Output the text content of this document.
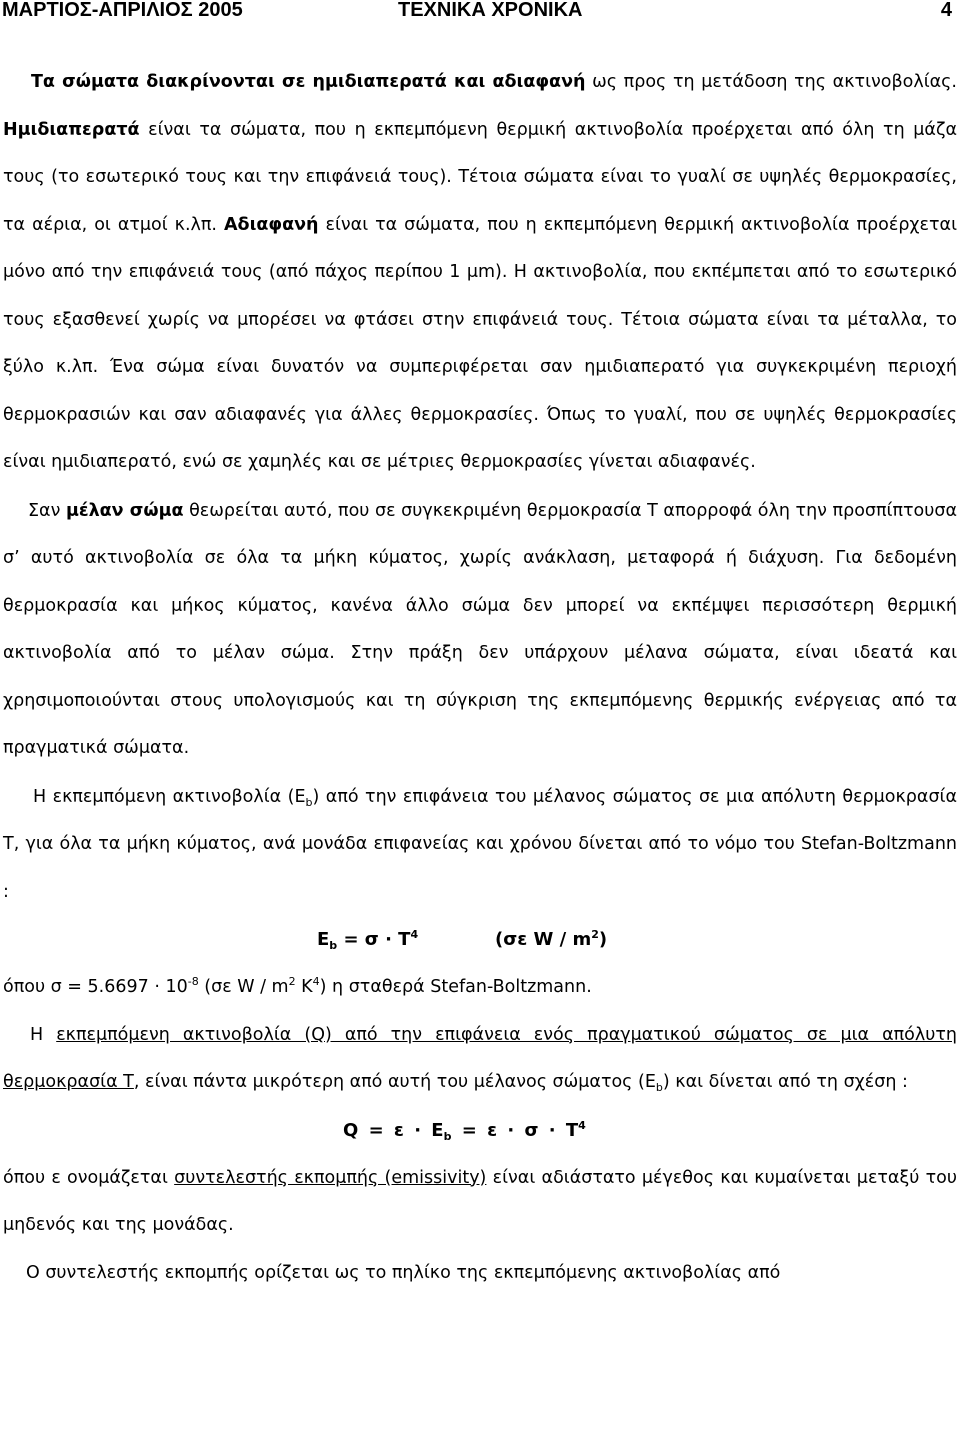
ΜΑΡΤΙΟΣ-ΑΠΡΙΛΙΟΣ 2005	ΤΕΧΝΙΚΑ ΧΡΟΝΙΚΑ	4

Τα σώματα διακρίνονται σε ημιδιαπερατά και αδιαφανή ως προς τη μετάδοση της ακτινοβολίας. Ημιδιαπερατά είναι τα σώματα, που η εκπεμπόμενη θερμική ακτινοβολία προέρχεται από όλη τη μάζα τους (το εσωτερικό τους και την επιφάνειά τους). Τέτοια σώματα είναι το γυαλί σε υψηλές θερμοκρασίες, τα αέρια, οι ατμοί κ.λπ. Αδιαφανή είναι τα σώματα, που η εκπεμπόμενη θερμική ακτινοβολία προέρχεται μόνο από την επιφάνειά τους (από πάχος περίπου 1 μm). Η ακτινοβολία, που εκπέμπεται από το εσωτερικό τους εξασθενεί χωρίς να μπορέσει να φτάσει στην επιφάνειά τους. Τέτοια σώματα είναι τα μέταλλα, το ξύλο κ.λπ. Ένα σώμα είναι δυνατόν να συμπεριφέρεται σαν ημιδιαπερατό για συγκεκριμένη περιοχή θερμοκρασιών και σαν αδιαφανές για άλλες θερμοκρασίες. Όπως το γυαλί, που σε υψηλές θερμοκρασίες είναι ημιδιαπερατό, ενώ σε χαμηλές και σε μέτριες θερμοκρασίες γίνεται αδιαφανές.

Σαν μέλαν σώμα θεωρείται αυτό, που σε συγκεκριμένη θερμοκρασία Τ απορροφά όλη την προσπίπτουσα σ’ αυτό ακτινοβολία σε όλα τα μήκη κύματος, χωρίς ανάκλαση, μεταφορά ή διάχυση. Για δεδομένη θερμοκρασία και μήκος κύματος, κανένα άλλο σώμα δεν μπορεί να εκπέμψει περισσότερη θερμική ακτινοβολία από το μέλαν σώμα. Στην πράξη δεν υπάρχουν μέλανα σώματα, είναι ιδεατά και χρησιμοποιούνται στους υπολογισμούς και τη σύγκριση της εκπεμπόμενης θερμικής ενέργειας από τα πραγματικά σώματα.

Η εκπεμπόμενη ακτινοβολία $(E_b)$ από την επιφάνεια του μέλανος σώματος σε μια απόλυτη θερμοκρασία Τ, για όλα τα μήκη κύματος, ανά μονάδα επιφανείας και χρόνου δίνεται από το νόμο του Stefan-Boltzmann :

$E_b = \sigma \cdot T^4$	(σε W / $m^2$)

όπου $\sigma = 5.6697 \cdot 10^{-8}$ (σε W / $m^2$ $K^4$) η σταθερά Stefan-Boltzmann.

Η εκπεμπόμενη ακτινοβολία (Q) από την επιφάνεια ενός πραγματικού σώματος σε μια απόλυτη θερμοκρασία Τ, είναι πάντα μικρότερη από αυτή του μέλανος σώματος $(E_b)$ και δίνεται από τη σχέση :

$Q = \varepsilon \cdot E_b = \varepsilon \cdot \sigma \cdot T^4$

όπου ε ονομάζεται συντελεστής εκπομπής (emissivity) είναι αδιάστατο μέγεθος και κυμαίνεται μεταξύ του μηδενός και της μονάδας.

Ο συντελεστής εκπομπής ορίζεται ως το πηλίκο της εκπεμπόμενης ακτινοβολίας από
